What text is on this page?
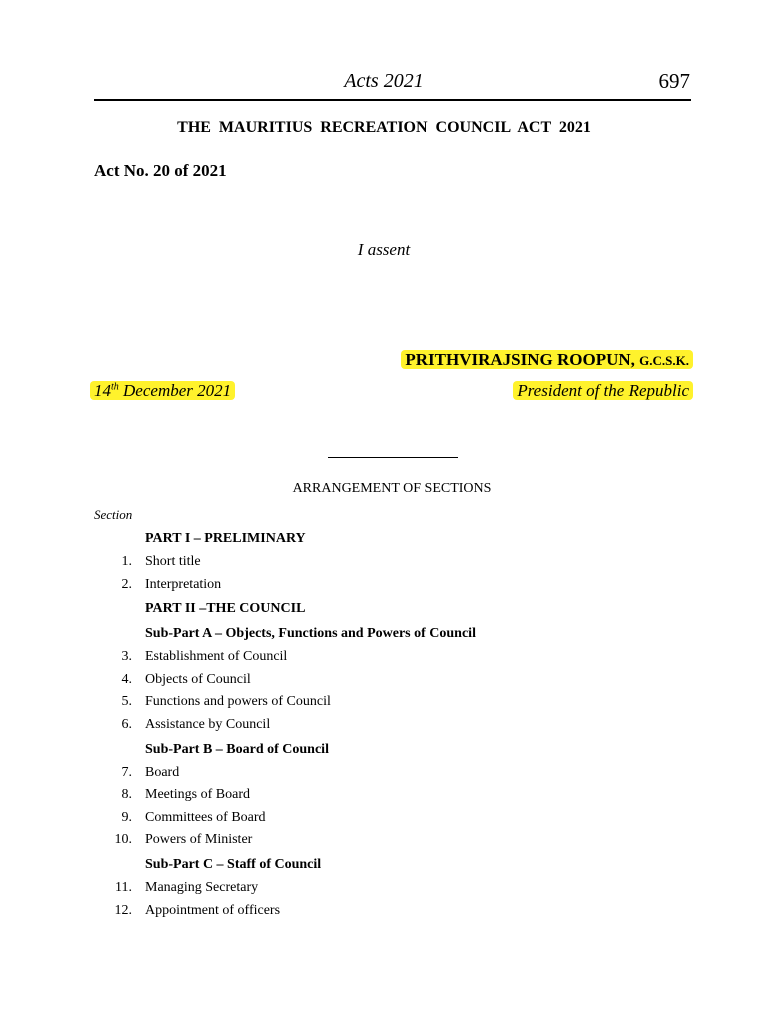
Acts 2021	697
THE MAURITIUS RECREATION COUNCIL ACT 2021
Act No. 20 of 2021
I assent
PRITHVIRAJSING ROOPUN, G.C.S.K.
14th December 2021	President of the Republic
ARRANGEMENT OF SECTIONS
Section
PART I – PRELIMINARY
1. Short title
2. Interpretation
PART II –THE COUNCIL
Sub-Part A – Objects, Functions and Powers of Council
3. Establishment of Council
4. Objects of Council
5. Functions and powers of Council
6. Assistance by Council
Sub-Part B – Board of Council
7. Board
8. Meetings of Board
9. Committees of Board
10. Powers of Minister
Sub-Part C – Staff of Council
11. Managing Secretary
12. Appointment of officers
